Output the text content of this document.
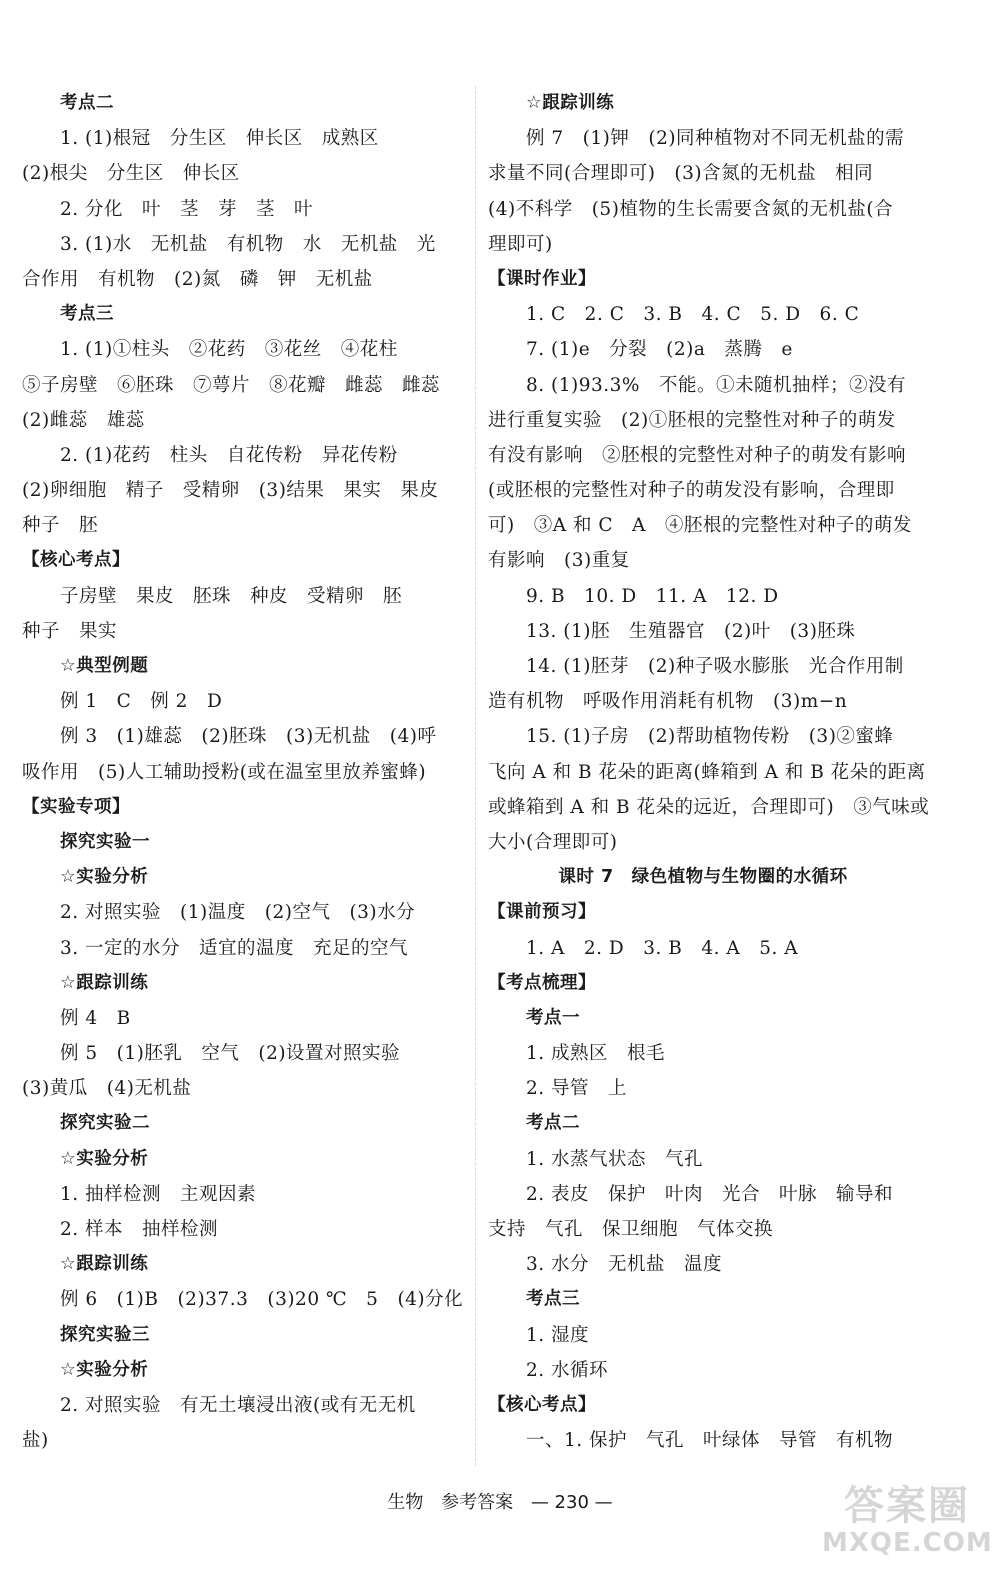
考点二
1. (1)根冠　分生区　伸长区　成熟区
(2)根尖　分生区　伸长区
2. 分化　叶　茎　芽　茎　叶
3. (1)水　无机盐　有机物　水　无机盐　光
合作用　有机物　(2)氮　磷　钾　无机盐
考点三
1. (1)①柱头　②花药　③花丝　④花柱
⑤子房壁　⑥胚珠　⑦萼片　⑧花瓣　雌蕊　雌蕊
(2)雌蕊　雄蕊
2. (1)花药　柱头　自花传粉　异花传粉
(2)卵细胞　精子　受精卵　(3)结果　果实　果皮
种子　胚
【核心考点】
子房壁　果皮　胚珠　种皮　受精卵　胚
种子　果实
☆典型例题
例 1　C　例 2　D
例 3　(1)雄蕊　(2)胚珠　(3)无机盐　(4)呼
吸作用　(5)人工辅助授粉(或在温室里放养蜜蜂)
【实验专项】
探究实验一
☆实验分析
2. 对照实验　(1)温度　(2)空气　(3)水分
3. 一定的水分　适宜的温度　充足的空气
☆跟踪训练
例 4　B
例 5　(1)胚乳　空气　(2)设置对照实验
(3)黄瓜　(4)无机盐
探究实验二
☆实验分析
1. 抽样检测　主观因素
2. 样本　抽样检测
☆跟踪训练
例 6　(1)B　(2)37.3　(3)20 ℃　5　(4)分化
探究实验三
☆实验分析
2. 对照实验　有无土壤浸出液(或有无无机
盐)
☆跟踪训练
例 7　(1)钾　(2)同种植物对不同无机盐的需
求量不同(合理即可)　(3)含氮的无机盐　相同
(4)不科学　(5)植物的生长需要含氮的无机盐(合
理即可)
【课时作业】
1. C　2. C　3. B　4. C　5. D　6. C
7. (1)e　分裂　(2)a　蒸腾　e
8. (1)93.3%　不能。①未随机抽样；②没有
进行重复实验　(2)①胚根的完整性对种子的萌发
有没有影响　②胚根的完整性对种子的萌发有影响
(或胚根的完整性对种子的萌发没有影响，合理即
可)　③A 和 C　A　④胚根的完整性对种子的萌发
有影响　(3)重复
9. B　10. D　11. A　12. D
13. (1)胚　生殖器官　(2)叶　(3)胚珠
14. (1)胚芽　(2)种子吸水膨胀　光合作用制
造有机物　呼吸作用消耗有机物　(3)m−n
15. (1)子房　(2)帮助植物传粉　(3)②蜜蜂
飞向 A 和 B 花朵的距离(蜂箱到 A 和 B 花朵的距离
或蜂箱到 A 和 B 花朵的远近，合理即可)　③气味或
大小(合理即可)
课时 7　绿色植物与生物圈的水循环
【课前预习】
1. A　2. D　3. B　4. A　5. A
【考点梳理】
考点一
1. 成熟区　根毛
2. 导管　上
考点二
1. 水蒸气状态　气孔
2. 表皮　保护　叶肉　光合　叶脉　输导和
支持　气孔　保卫细胞　气体交换
3. 水分　无机盐　温度
考点三
1. 湿度
2. 水循环
【核心考点】
一、1. 保护　气孔　叶绿体　导管　有机物
生物 参考答案 — 230 —	答案圈
MXQE.COM
